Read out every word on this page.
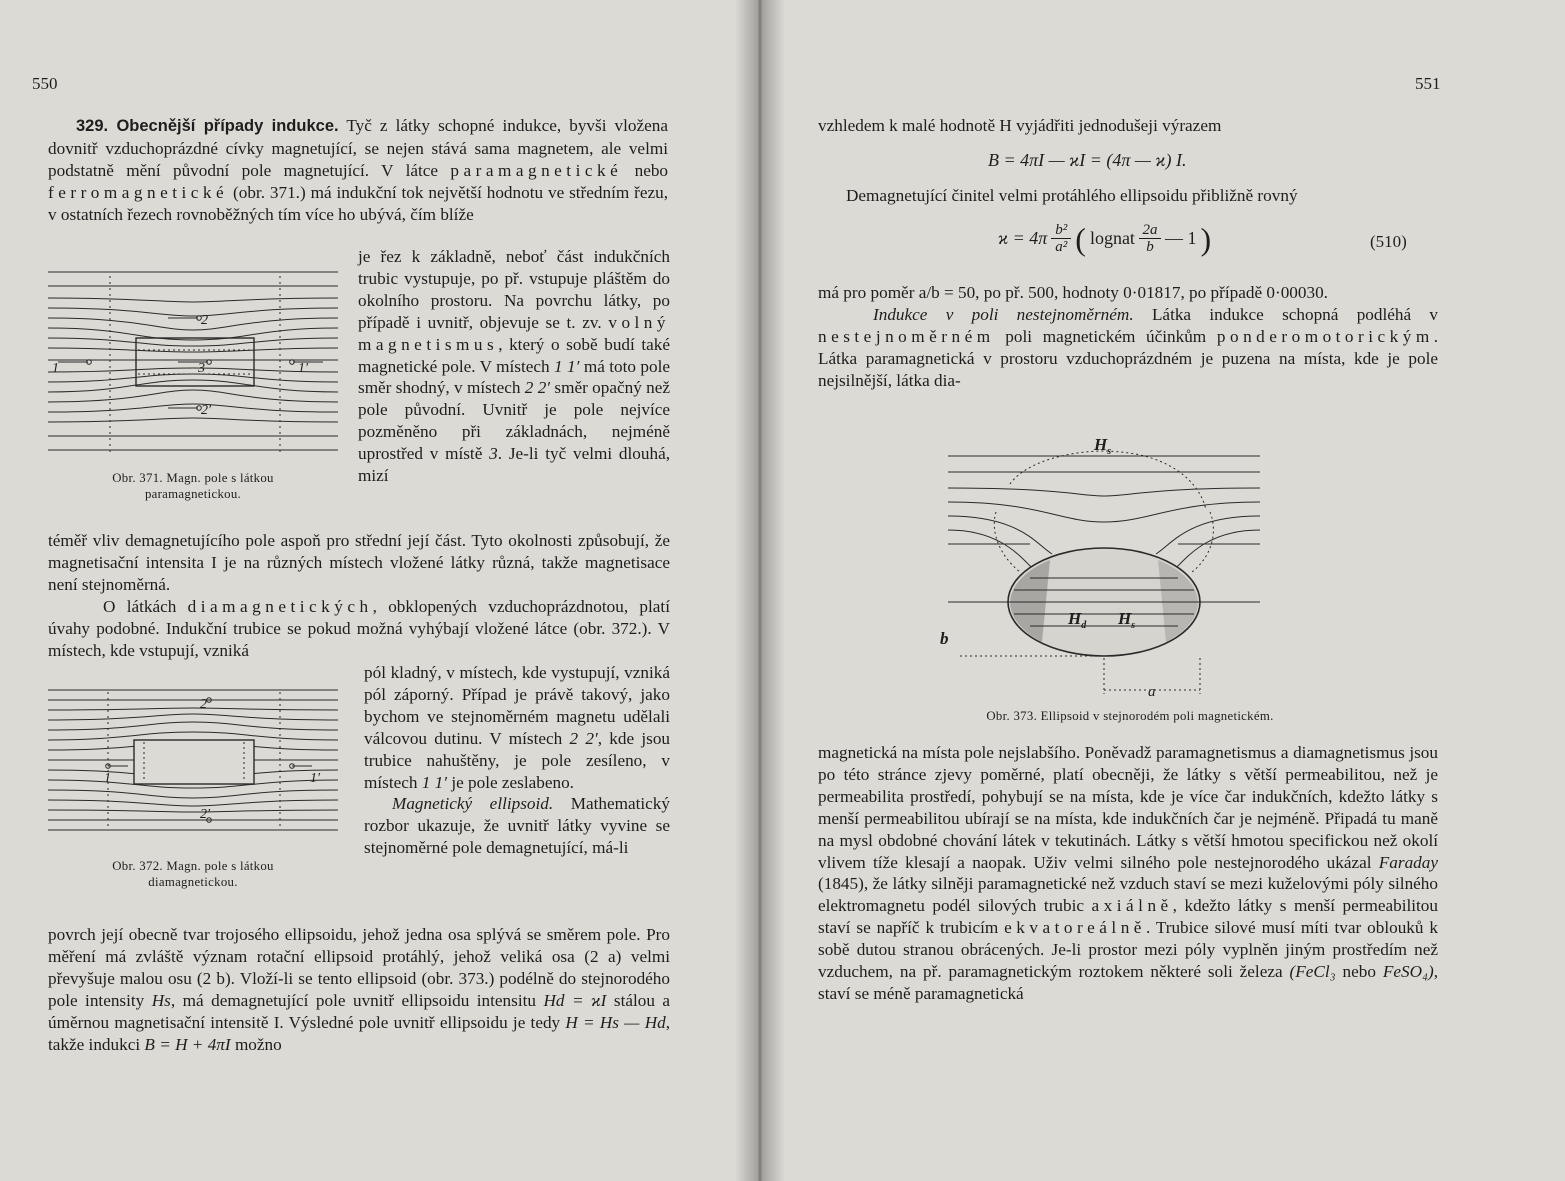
550

329. Obecnější případy indukce. Tyč z látky schopné indukce, byvši vložena dovnitř vzduchoprázdné cívky magnetující, se nejen stává sama magnetem, ale velmi podstatně mění původní pole magnetující. V látce paramagnetické nebo ferromagnetické (obr. 371.) má indukční tok největší hodnotu ve středním řezu, v ostatních řezech rovnoběžných tím více ho ubývá, čím blíže

2
1	3	1′
2′
Obr. 371. Magn. pole s látkou
paramagnetickou.

je řez k základně, neboť část indukčních trubic vystupuje, po př. vstupuje pláštěm do okolního prostoru. Na povrchu látky, po případě i uvnitř, objevuje se t. zv. volný magnetismus, který o sobě budí také magnetické pole. V místech 1 1′ má toto pole směr shodný, v místech 2 2′ směr opačný než pole původní. Uvnitř je pole nejvíce pozměněno při základnách, nejméně uprostřed v místě 3. Je-li tyč velmi dlouhá, mizí

téměř vliv demagnetujícího pole aspoň pro střední její část. Tyto okolnosti způsobují, že magnetisační intensita I je na různých místech vložené látky různá, takže magnetisace není stejnoměrná.

O látkách diamagnetických, obklopených vzduchoprázdnotou, platí úvahy podobné. Indukční trubice se pokud možná vyhýbají vložené látce (obr. 372.). V místech, kde vstupují, vzniká

2
1	1′
2′
Obr. 372. Magn. pole s látkou
diamagnetickou.

pól kladný, v místech, kde vystupují, vzniká pól záporný. Případ je právě takový, jako bychom ve stejnoměrném magnetu udělali válcovou dutinu. V místech 2 2′, kde jsou trubice nahuštěny, je pole zesíleno, v místech 1 1′ je pole zeslabeno.

Magnetický ellipsoid. Mathematický rozbor ukazuje, že uvnitř látky vyvine se stejnoměrné pole demagnetující, má-li

povrch její obecně tvar trojosého ellipsoidu, jehož jedna osa splývá se směrem pole. Pro měření má zvláště význam rotační ellipsoid protáhlý, jehož veliká osa (2 a) velmi převyšuje malou osu (2 b). Vloží-li se tento ellipsoid (obr. 373.) podélně do stejnorodého pole intensity Hs, má demagnetující pole uvnitř ellipsoidu intensitu Hd = ϰI stálou a úměrnou magnetisační intensitě I. Výsledné pole uvnitř ellipsoidu je tedy H = Hs — Hd, takže indukci B = H + 4πI možno

551

vzhledem k malé hodnotě H vyjádřiti jednodušeji výrazem

B = 4πI — ϰI = (4π — ϰ) I.

Demagnetující činitel velmi protáhlého ellipsoidu přibližně rovný

ϰ = 4π b²
a² ( lognat 2a
b — 1 )	(510)

má pro poměr a/b = 50, po př. 500, hodnoty 0·01817, po případě 0·00030.

Indukce v poli nestejnoměrném. Látka indukce schopná podléhá v nestejnoměrném poli magnetickém účinkům ponderomotorickým. Látka paramagnetická v prostoru vzduchoprázdném je puzena na místa, kde je pole nejsilnější, látka dia-

$H_s$
$H_d$ $H_s$
b
a
Obr. 373. Ellipsoid v stejnorodém poli magnetickém.

magnetická na místa pole nejslabšího. Poněvadž paramagnetismus a diamagnetismus jsou po této stránce zjevy poměrné, platí obecněji, že látky s větší permeabilitou, než je permeabilita prostředí, pohybují se na místa, kde je více čar indukčních, kdežto látky s menší permeabilitou ubírají se na místa, kde indukčních čar je nejméně. Připadá tu maně na mysl obdobné chování látek v tekutinách. Látky s větší hmotou specifickou než okolí vlivem tíže klesají a naopak. Uživ velmi silného pole nestejnorodého ukázal Faraday (1845), že látky silněji paramagnetické než vzduch staví se mezi kuželovými póly silného elektromagnetu podél silových trubic axiálně, kdežto látky s menší permeabilitou staví se napříč k trubicím ekvatoreálně. Trubice silové musí míti tvar oblouků k sobě dutou stranou obrácených. Je-li prostor mezi póly vyplněn jiným prostředím než vzduchem, na př. paramagnetickým roztokem některé soli železa (FeCl₃ nebo FeSO₄), staví se méně paramagnetická
